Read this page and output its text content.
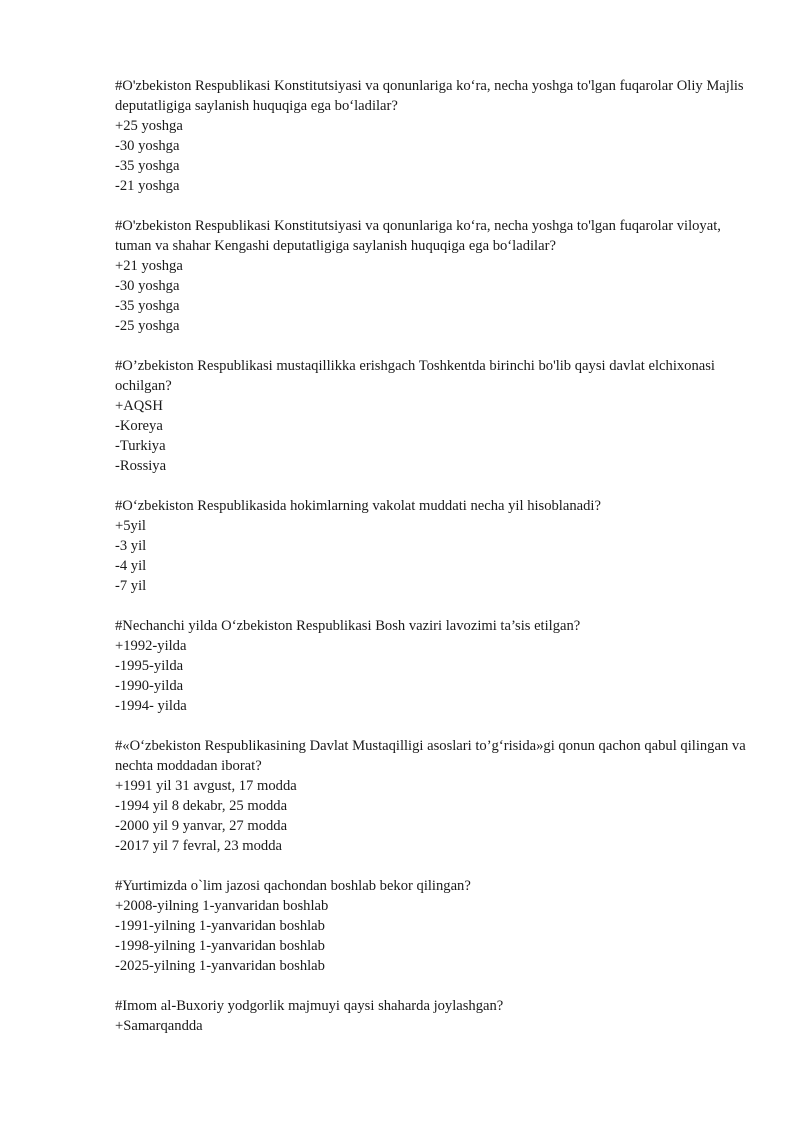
#O'zbekiston Respublikasi Konstitutsiyasi va qonunlariga ko‘ra, necha yoshga to'lgan fuqarolar Oliy Majlis deputatligiga saylanish huquqiga ega bo‘ladilar?
+25 yoshga
-30 yoshga
-35 yoshga
-21 yoshga
#O'zbekiston Respublikasi Konstitutsiyasi va qonunlariga ko‘ra, necha yoshga to'lgan fuqarolar viloyat, tuman va shahar Kengashi deputatligiga saylanish huquqiga ega bo‘ladilar?
+21 yoshga
-30 yoshga
-35 yoshga
-25 yoshga
#O’zbekiston Respublikasi mustaqillikka erishgach Toshkentda birinchi bo'lib qaysi davlat elchixonasi ochilgan?
+AQSH
-Koreya
-Turkiya
-Rossiya
#O‘zbekiston Respublikasida hokimlarning vakolat muddati necha yil hisoblanadi?
+5yil
-3 yil
-4 yil
-7 yil
#Nechanchi yilda O‘zbekiston Respublikasi Bosh vaziri lavozimi ta’sis etilgan?
+1992-yilda
-1995-yilda
-1990-yilda
-1994- yilda
#«O‘zbekiston Respublikasining Davlat Mustaqilligi asoslari to’g‘risida»gi qonun qachon qabul qilingan va nechta moddadan iborat?
+1991 yil 31 avgust, 17 modda
-1994 yil 8 dekabr, 25 modda
-2000 yil 9 yanvar, 27 modda
-2017 yil 7 fevral, 23 modda
#Yurtimizda o`lim jazosi qachondan boshlab bekor qilingan?
+2008-yilning 1-yanvaridan boshlab
-1991-yilning 1-yanvaridan boshlab
-1998-yilning 1-yanvaridan boshlab
-2025-yilning 1-yanvaridan boshlab
#Imom al-Buxoriy yodgorlik majmuyi qaysi shaharda joylashgan?
+Samarqandda
